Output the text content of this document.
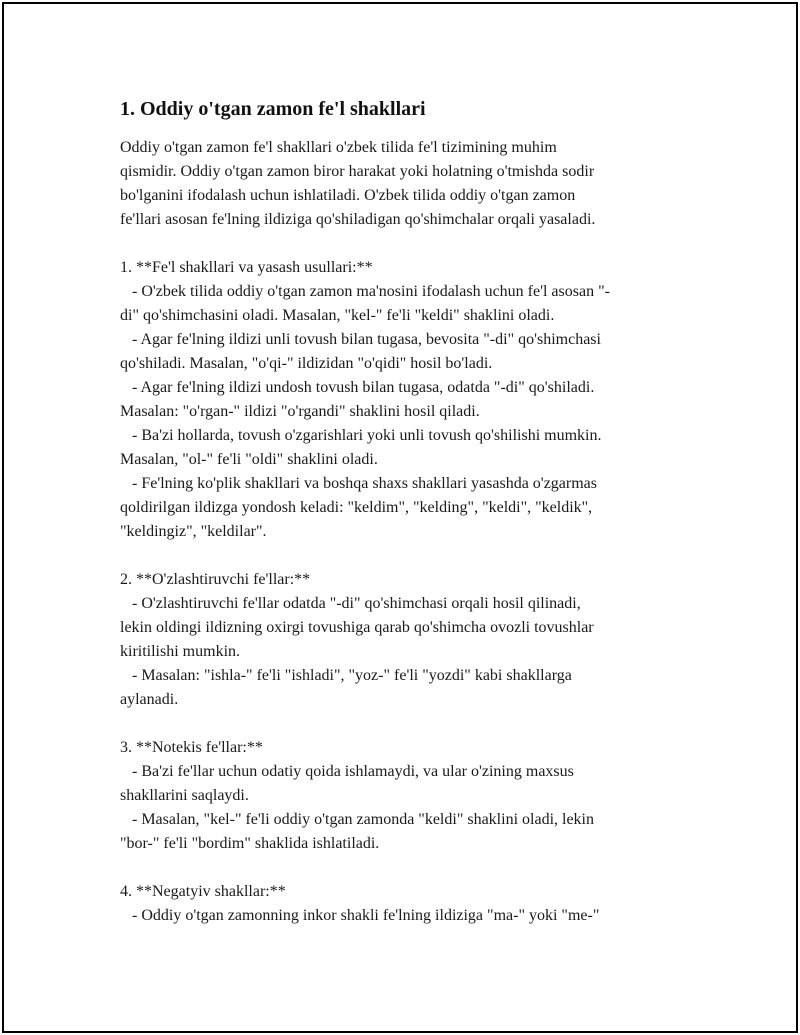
1. Oddiy o'tgan zamon fe'l shakllari

Oddiy o'tgan zamon fe'l shakllari o'zbek tilida fe'l tizimining muhim

qismidir. Oddiy o'tgan zamon biror harakat yoki holatning o'tmishda sodir

bo'lganini ifodalash uchun ishlatiladi. O'zbek tilida oddiy o'tgan zamon

fe'llari asosan fe'lning ildiziga qo'shiladigan qo'shimchalar orqali yasaladi.

1. **Fe'l shakllari va yasash usullari:**

- O'zbek tilida oddiy o'tgan zamon ma'nosini ifodalash uchun fe'l asosan "-

di" qo'shimchasini oladi. Masalan, "kel-" fe'li "keldi" shaklini oladi.

- Agar fe'lning ildizi unli tovush bilan tugasa, bevosita "-di" qo'shimchasi

qo'shiladi. Masalan, "o'qi-" ildizidan "o'qidi" hosil bo'ladi.

- Agar fe'lning ildizi undosh tovush bilan tugasa, odatda "-di" qo'shiladi.

Masalan: "o'rgan-" ildizi "o'rgandi" shaklini hosil qiladi.

- Ba'zi hollarda, tovush o'zgarishlari yoki unli tovush qo'shilishi mumkin.

Masalan, "ol-" fe'li "oldi" shaklini oladi.

- Fe'lning ko'plik shakllari va boshqa shaxs shakllari yasashda o'zgarmas

qoldirilgan ildizga yondosh keladi: "keldim", "kelding", "keldi", "keldik",

"keldingiz", "keldilar".

2. **O'zlashtiruvchi fe'llar:**

- O'zlashtiruvchi fe'llar odatda "-di" qo'shimchasi orqali hosil qilinadi,

lekin oldingi ildizning oxirgi tovushiga qarab qo'shimcha ovozli tovushlar

kiritilishi mumkin.

- Masalan: "ishla-" fe'li "ishladi", "yoz-" fe'li "yozdi" kabi shakllarga

aylanadi.

3. **Notekis fe'llar:**

- Ba'zi fe'llar uchun odatiy qoida ishlamaydi, va ular o'zining maxsus

shakllarini saqlaydi.

- Masalan, "kel-" fe'li oddiy o'tgan zamonda "keldi" shaklini oladi, lekin

"bor-" fe'li "bordim" shaklida ishlatiladi.

4. **Negatyiv shakllar:**

- Oddiy o'tgan zamonning inkor shakli fe'lning ildiziga "ma-" yoki "me-"
